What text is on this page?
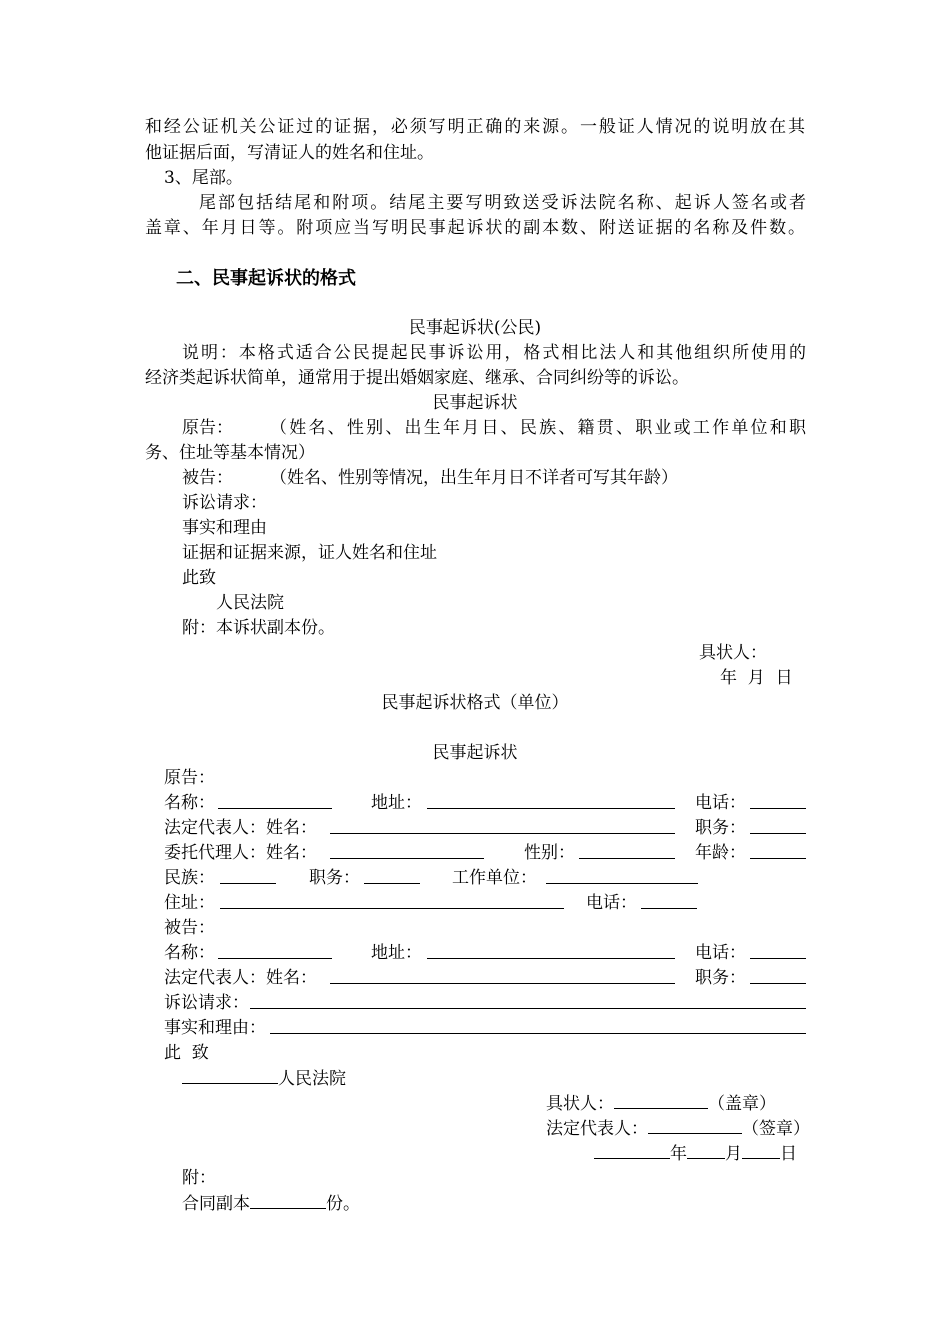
和经公证机关公证过的证据，必须写明正确的来源。一般证人情况的说明放在其
他证据后面，写清证人的姓名和住址。
3、尾部。
尾部包括结尾和附项。结尾主要写明致送受诉法院名称、起诉人签名或者
盖章、年月日等。附项应当写明民事起诉状的副本数、附送证据的名称及件数。
二、民事起诉状的格式
民事起诉状(公民)
说明：本格式适合公民提起民事诉讼用，格式相比法人和其他组织所使用的
经济类起诉状简单，通常用于提出婚姻家庭、继承、合同纠纷等的诉讼。
民事起诉状
原告： （姓名、性别、出生年月日、民族、籍贯、职业或工作单位和职
务、住址等基本情况）
被告： （姓名、性别等情况，出生年月日不详者可写其年龄）
诉讼请求：
事实和理由
证据和证据来源，证人姓名和住址
此致
人民法院
附：本诉状副本份。
具状人：
年  月  日
民事起诉状格式（单位）
民事起诉状
原告：
名称：	地址：	电话：
法定代表人：姓名：	职务：
委托代理人：姓名：	性别：	年龄：
民族：	职务：	工作单位：
住址：	电话：
被告：
名称：	地址：	电话：
法定代表人：姓名：	职务：
诉讼请求：
事实和理由：
此  致
人民法院
具状人：	（盖章）
法定代表人：	（签章）
年 月 日
附：
合同副本	份。
